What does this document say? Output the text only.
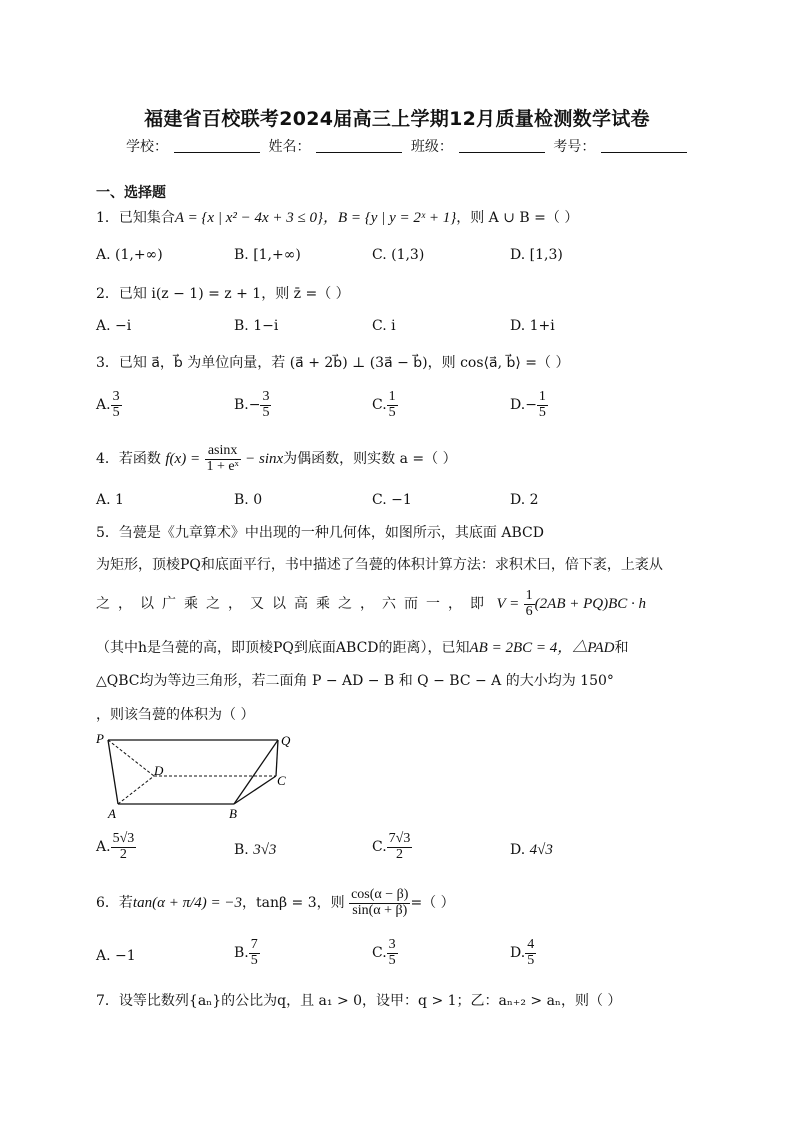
福建省百校联考2024届高三上学期12月质量检测数学试卷
学校：	姓名：	班级：	考号：
一、选择题
1．已知集合A = {x | x² − 4x + 3 ≤ 0}，B = {y | y = 2ˣ + 1}，则 A ∪ B =（ ）
A. (1,+∞)	B. [1,+∞)	C. (1,3)	D. [1,3)
2．已知 i(z − 1) = z + 1，则 z̄ =（ ）
A. −i	B. 1−i	C. i	D. 1+i
3．已知 a⃗，b⃗ 为单位向量，若 (a⃗ + 2b⃗) ⊥ (3a⃗ − b⃗)，则 cos⟨a⃗, b⃗⟩ =（ ）
A. $\frac{3}{5}$	$B.- \frac{3}{5}$	C. $\frac{1}{5}$	$D.- \frac{1}{5}$
4．若函数 $f(x) = \frac{asinx}{\text{1 + eˣ}} - \sin x$为偶函数，则实数 a =（ ）
A. 1	B. 0	C. −1	D. 2
5．刍甍是《九章算术》中出现的一种几何体，如图所示，其底面 ABCD
为矩形，顶棱PQ和底面平行，书中描述了刍甍的体积计算方法：求积术曰，倍下袤，上袤从
之，以广乘之，又以高乘之，六而一，即 $V = \frac{1}{6} (2AB + PQ)BC \cdot h$
（其中h是刍甍的高，即顶棱PQ到底面ABCD的距离），已知AB = 2BC = 4，△PAD和
△QBC均为等边三角形，若二面角 P − AD − B 和 Q − BC − A 的大小均为 150°
，则该刍甍的体积为（ ）
P	Q
D
C
A	B
A. $\frac{5√3}{2}$	B. 3√3	C. $\frac{7√3}{2}$	D. 4√3
6．若tan(α + π/4) = −3，tanβ = 3，则 $\frac{\cos(\alpha - \beta)}{\sin(\alpha + \beta)}$ =（ ）
A. −1	B. $\frac{7}{5}$	C. $\frac{3}{5}$	D. $\frac{4}{5}$
7．设等比数列{aₙ}的公比为q，且 a₁ > 0，设甲：q > 1；乙：aₙ₊₂ > aₙ，则（ ）
